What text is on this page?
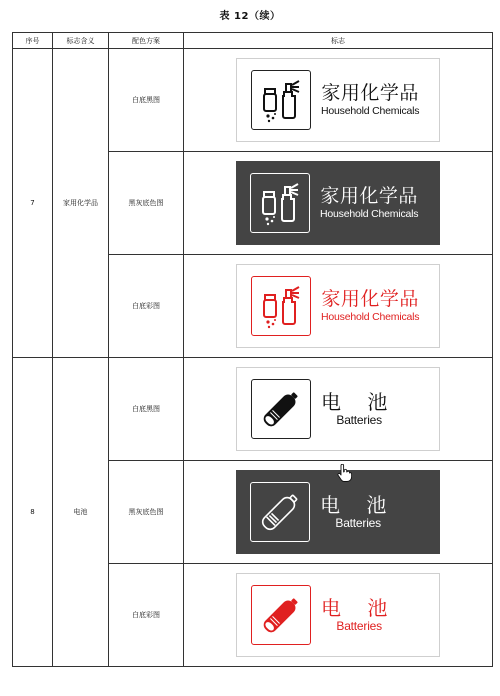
表 12（续）
序号	标志含义	配色方案	标志
7	家用化学品	白底黑图	家用化学品
Household Chemicals

		黑灰底色图	家用化学品
Household Chemicals

		白底彩图	家用化学品
Household Chemicals

8	电池	白底黑图	电 池
Batteries

		黑灰底色图	电 池
Batteries

		白底彩图	电 池
Batteries
